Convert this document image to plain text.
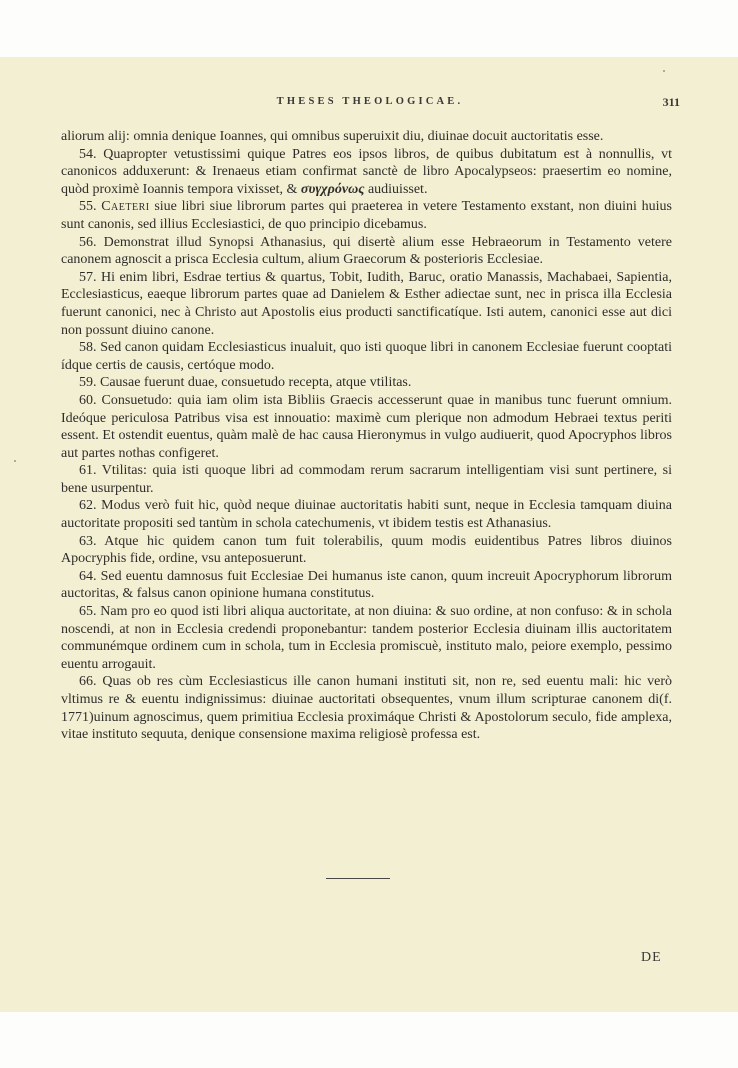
THESES THEOLOGICAE.	311

aliorum alij: omnia denique Ioannes, qui omnibus superuixit diu, diuinae docuit auctoritatis esse.

54. Quapropter vetustissimi quique Patres eos ipsos libros, de quibus dubitatum est à nonnullis, vt canonicos adduxerunt: & Irenaeus etiam confirmat sanctè de libro Apocalypseos: praesertim eo nomine, quòd proximè Ioannis tempora vixisset, & συγχρόνως audiuisset.

55. Caeteri siue libri siue librorum partes qui praeterea in vetere Testamento exstant, non diuini huius sunt canonis, sed illius Ecclesiastici, de quo principio dicebamus.

56. Demonstrat illud Synopsi Athanasius, qui disertè alium esse Hebraeorum in Testamento vetere canonem agnoscit a prisca Ecclesia cultum, alium Graecorum & posterioris Ecclesiae.

57. Hi enim libri, Esdrae tertius & quartus, Tobit, Iudith, Baruc, oratio Manassis, Machabaei, Sapientia, Ecclesiasticus, eaeque librorum partes quae ad Danielem & Esther adiectae sunt, nec in prisca illa Ecclesia fuerunt canonici, nec à Christo aut Apostolis eius producti sanctificatíque. Isti autem, canonici esse aut dici non possunt diuino canone.

58. Sed canon quidam Ecclesiasticus inualuit, quo isti quoque libri in canonem Ecclesiae fuerunt cooptati ídque certis de causis, certóque modo.

59. Causae fuerunt duae, consuetudo recepta, atque vtilitas.

60. Consuetudo: quia iam olim ista Bibliis Graecis accesserunt quae in manibus tunc fuerunt omnium. Ideóque periculosa Patribus visa est innouatio: maximè cum plerique non admodum Hebraei textus periti essent. Et ostendit euentus, quàm malè de hac causa Hieronymus in vulgo audiuerit, quod Apocryphos libros aut partes nothas configeret.

61. Vtilitas: quia isti quoque libri ad commodam rerum sacrarum intelligentiam visi sunt pertinere, si bene usurpentur.

62. Modus verò fuit hic, quòd neque diuinae auctoritatis habiti sunt, neque in Ecclesia tamquam diuina auctoritate propositi sed tantùm in schola catechumenis, vt ibidem testis est Athanasius.

63. Atque hic quidem canon tum fuit tolerabilis, quum modis euidentibus Patres libros diuinos Apocryphis fide, ordine, vsu anteposuerunt.

64. Sed euentu damnosus fuit Ecclesiae Dei humanus iste canon, quum increuit Apocryphorum librorum auctoritas, & falsus canon opinione humana constitutus.

65. Nam pro eo quod isti libri aliqua auctoritate, at non diuina: & suo ordine, at non confuso: & in schola noscendi, at non in Ecclesia credendi proponebantur: tandem posterior Ecclesia diuinam illis auctoritatem communémque ordinem cum in schola, tum in Ecclesia promiscuè, instituto malo, peiore exemplo, pessimo euentu arrogauit.

66. Quas ob res cùm Ecclesiasticus ille canon humani instituti sit, non re, sed euentu mali: hic verò vltimus re & euentu indignissimus: diuinae auctoritati obsequentes, vnum illum scripturae canonem di(f. 1771)uinum agnoscimus, quem primitiua Ecclesia proximáque Christi & Apostolorum seculo, fide amplexa, vitae instituto sequuta, denique consensione maxima religiosè professa est.

DE
